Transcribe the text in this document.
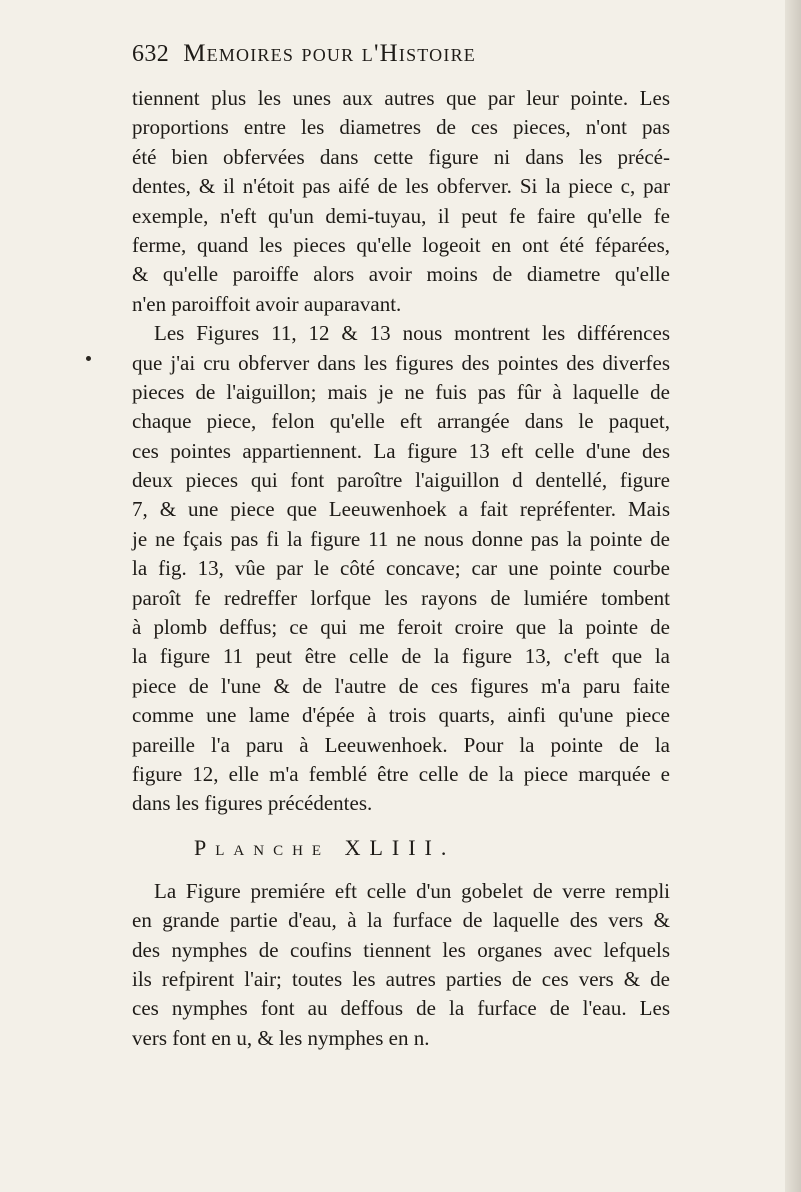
632 Memoires pour l'Histoire
tiennent plus les unes aux autres que par leur pointe. Les
proportions entre les diametres de ces pieces, n'ont pas
été bien obfervées dans cette figure ni dans les précé-
dentes, & il n'étoit pas aifé de les obferver. Si la piece c, par
exemple, n'eft qu'un demi-tuyau, il peut fe faire qu'elle fe
ferme, quand les pieces qu'elle logeoit en ont été féparées,
& qu'elle paroiffe alors avoir moins de diametre qu'elle
n'en paroiffoit avoir auparavant.
Les Figures 11, 12 & 13 nous montrent les différences
que j'ai cru obferver dans les figures des pointes des diverfes
pieces de l'aiguillon; mais je ne fuis pas fûr à laquelle de
chaque piece, felon qu'elle eft arrangée dans le paquet,
ces pointes appartiennent. La figure 13 eft celle d'une des
deux pieces qui font paroître l'aiguillon d dentellé, figure
7, & une piece que Leeuwenhoek a fait repréfenter. Mais
je ne fçais pas fi la figure 11 ne nous donne pas la pointe de
la fig. 13, vûe par le côté concave; car une pointe courbe
paroît fe redreffer lorfque les rayons de lumiére tombent
à plomb deffus; ce qui me feroit croire que la pointe de
la figure 11 peut être celle de la figure 13, c'eft que la
piece de l'une & de l'autre de ces figures m'a paru faite
comme une lame d'épée à trois quarts, ainfi qu'une piece
pareille l'a paru à Leeuwenhoek. Pour la pointe de la
figure 12, elle m'a femblé être celle de la piece marquée e
dans les figures précédentes.
Planche XLIII.
La Figure premiére eft celle d'un gobelet de verre rempli
en grande partie d'eau, à la furface de laquelle des vers &
des nymphes de coufins tiennent les organes avec lefquels
ils refpirent l'air; toutes les autres parties de ces vers & de
ces nymphes font au deffous de la furface de l'eau. Les
vers font en u, & les nymphes en n.
